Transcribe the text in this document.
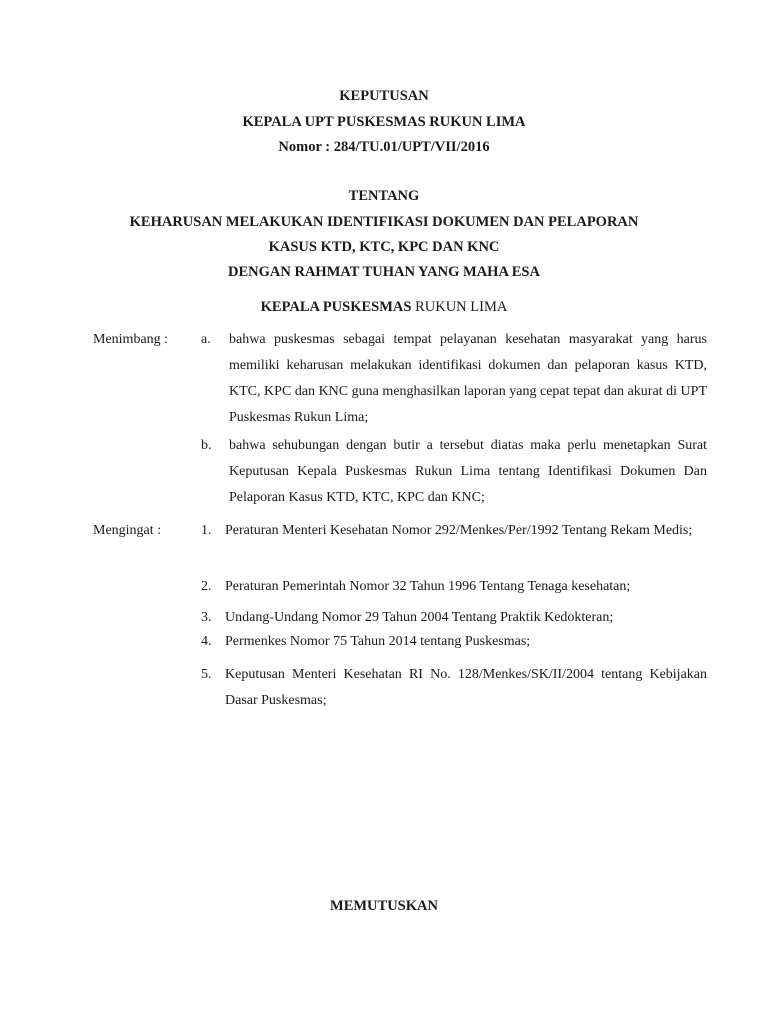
KEPUTUSAN
KEPALA UPT PUSKESMAS RUKUN LIMA
Nomor : 284/TU.01/UPT/VII/2016
TENTANG
KEHARUSAN MELAKUKAN IDENTIFIKASI DOKUMEN DAN PELAPORAN
KASUS KTD, KTC, KPC DAN KNC
DENGAN RAHMAT TUHAN YANG MAHA ESA
KEPALA PUSKESMAS RUKUN LIMA
Menimbang : a. bahwa puskesmas sebagai tempat pelayanan kesehatan masyarakat yang harus memiliki keharusan melakukan identifikasi dokumen dan pelaporan kasus KTD, KTC, KPC dan KNC guna menghasilkan laporan yang cepat tepat dan akurat di UPT Puskesmas Rukun Lima;
b. bahwa sehubungan dengan butir a tersebut diatas maka perlu menetapkan Surat Keputusan Kepala Puskesmas Rukun Lima tentang Identifikasi Dokumen Dan Pelaporan Kasus KTD, KTC, KPC dan KNC;
Mengingat :	1. Peraturan Menteri Kesehatan Nomor 292/Menkes/Per/1992 Tentang Rekam Medis;
2. Peraturan Pemerintah Nomor 32 Tahun 1996 Tentang Tenaga kesehatan;
3. Undang-Undang Nomor 29 Tahun 2004 Tentang Praktik Kedokteran;
4. Permenkes Nomor 75 Tahun 2014 tentang Puskesmas;
5. Keputusan Menteri Kesehatan RI No. 128/Menkes/SK/II/2004 tentang Kebijakan Dasar Puskesmas;
MEMUTUSKAN
